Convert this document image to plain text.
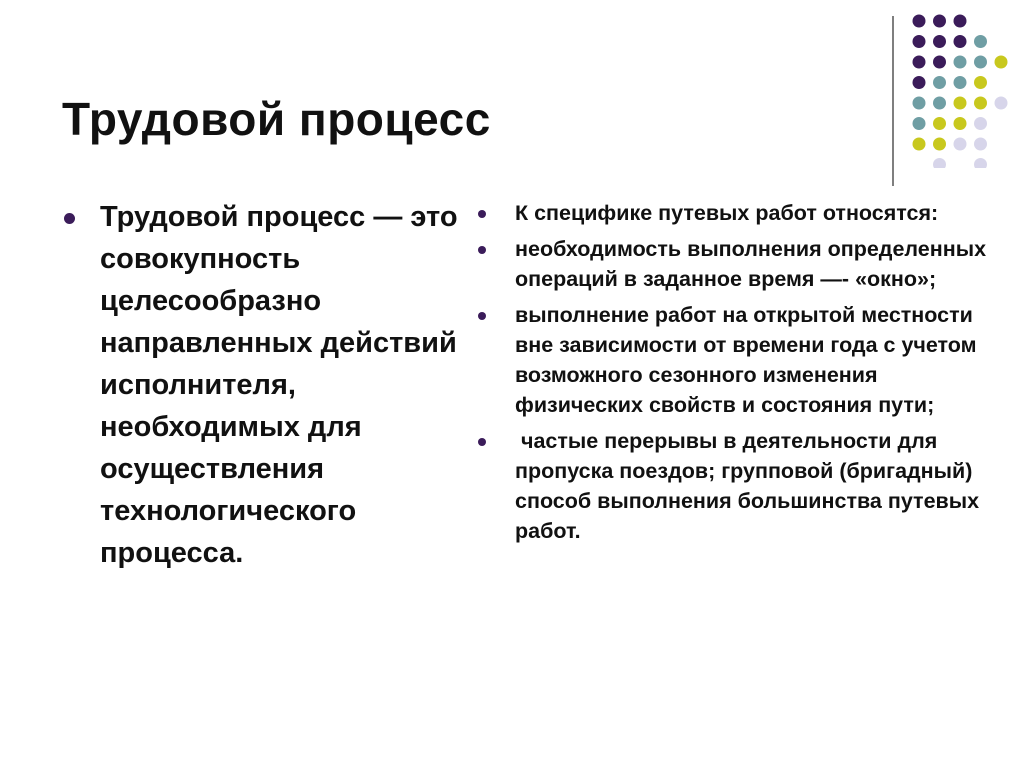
Трудовой процесс
Трудовой процесс — это совокупность целесообразно направленных действий исполнителя, необходимых для осуществления технологического процесса.
К специфике путевых работ относятся:
необходимость выполнения определенных операций в заданное время —- «окно»;
выполнение работ на открытой местности вне зависимости от времени года с учетом возможного сезонного изменения физических свойств и состояния пути;
частые перерывы в деятельности для пропуска поездов; групповой (бригадный) способ выполнения большинства путевых работ.
